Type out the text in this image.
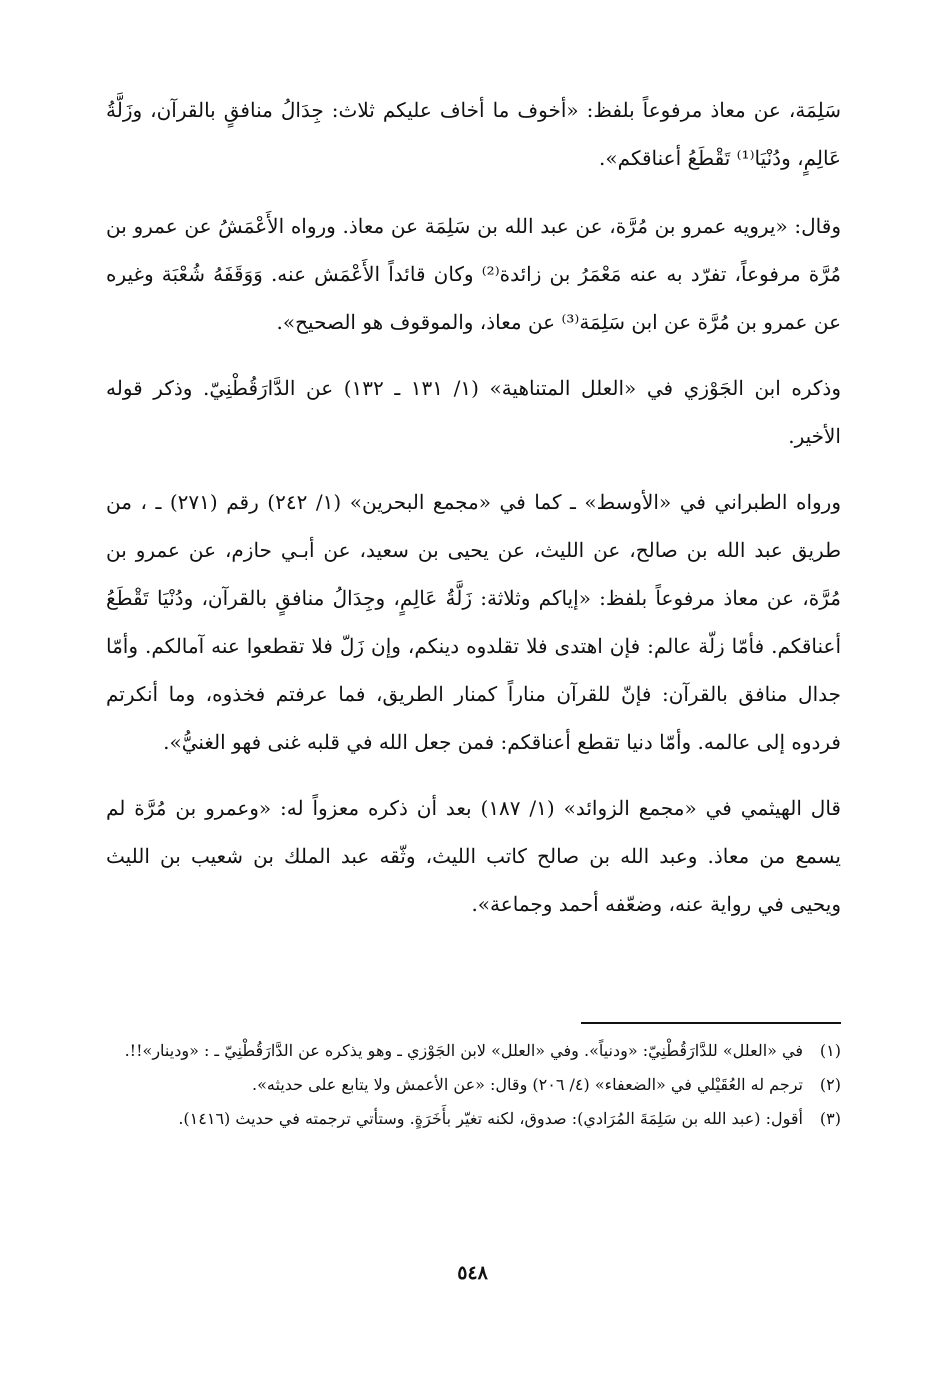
سَلِمَة، عن معاذ مرفوعاً بلفظ: «أخوف ما أخاف عليكم ثلاث: جِدَالُ منافقٍ بالقرآن، وزَلَّةُ عَالِمٍ، ودُنْيَا⁽¹⁾ تَقْطَعُ أعناقكم».

وقال: «يرويه عمرو بن مُرَّة، عن عبد الله بن سَلِمَة عن معاذ. ورواه الأَعْمَشُ عن عمرو بن مُرَّة مرفوعاً، تفرّد به عنه مَعْمَرُ بن زائدة⁽²⁾ وكان قائداً الأَعْمَش عنه. وَوَقَفَهُ شُعْبَة وغيره عن عمرو بن مُرَّة عن ابن سَلِمَة⁽³⁾ عن معاذ، والموقوف هو الصحيح».

وذكره ابن الجَوْزي في «العلل المتناهية» (١/ ١٣١ ـ ١٣٢) عن الدَّارَقُطْنِيّ. وذكر قوله الأخير.

ورواه الطبراني في «الأوسط» ـ كما في «مجمع البحرين» (١/ ٢٤٢) رقم (٢٧١) ـ ، من طريق عبد الله بن صالح، عن الليث، عن يحيى بن سعيد، عن أبـي حازم، عن عمرو بن مُرَّة، عن معاذ مرفوعاً بلفظ: «إياكم وثلاثة: زَلَّةُ عَالِمٍ، وجِدَالُ منافقٍ بالقرآن، ودُنْيَا تَقْطَعُ أعناقكم. فأمّا زلّة عالم: فإن اهتدى فلا تقلدوه دينكم، وإن زَلّ فلا تقطعوا عنه آمالكم. وأمّا جدال منافق بالقرآن: فإنّ للقرآن مناراً كمنار الطريق، فما عرفتم فخذوه، وما أنكرتم فردوه إلى عالمه. وأمّا دنيا تقطع أعناقكم: فمن جعل الله في قلبه غنى فهو الغنيُّ».

قال الهيثمي في «مجمع الزوائد» (١/ ١٨٧) بعد أن ذكره معزواً له: «وعمرو بن مُرَّة لم يسمع من معاذ. وعبد الله بن صالح كاتب الليث، وثّقه عبد الملك بن شعيب بن الليث ويحيى في رواية عنه، وضعّفه أحمد وجماعة».

(١)
في «العلل» للدَّارَقُطْنِيّ: «ودنياً». وفي «العلل» لابن الجَوْزي ـ وهو يذكره عن الدَّارَقُطْنِيّ ـ : «ودينار»!!.
(٢)
ترجم له العُقَيْلي في «الضعفاء» (٤/ ٢٠٦) وقال: «عن الأعمش ولا يتابع على حديثه».
(٣)
أقول: (عبد الله بن سَلِمَةَ المُرَادي): صدوق، لكنه تغيّر بأَخَرَةٍ. وستأتي ترجمته في حديث (١٤١٦).
٥٤٨
